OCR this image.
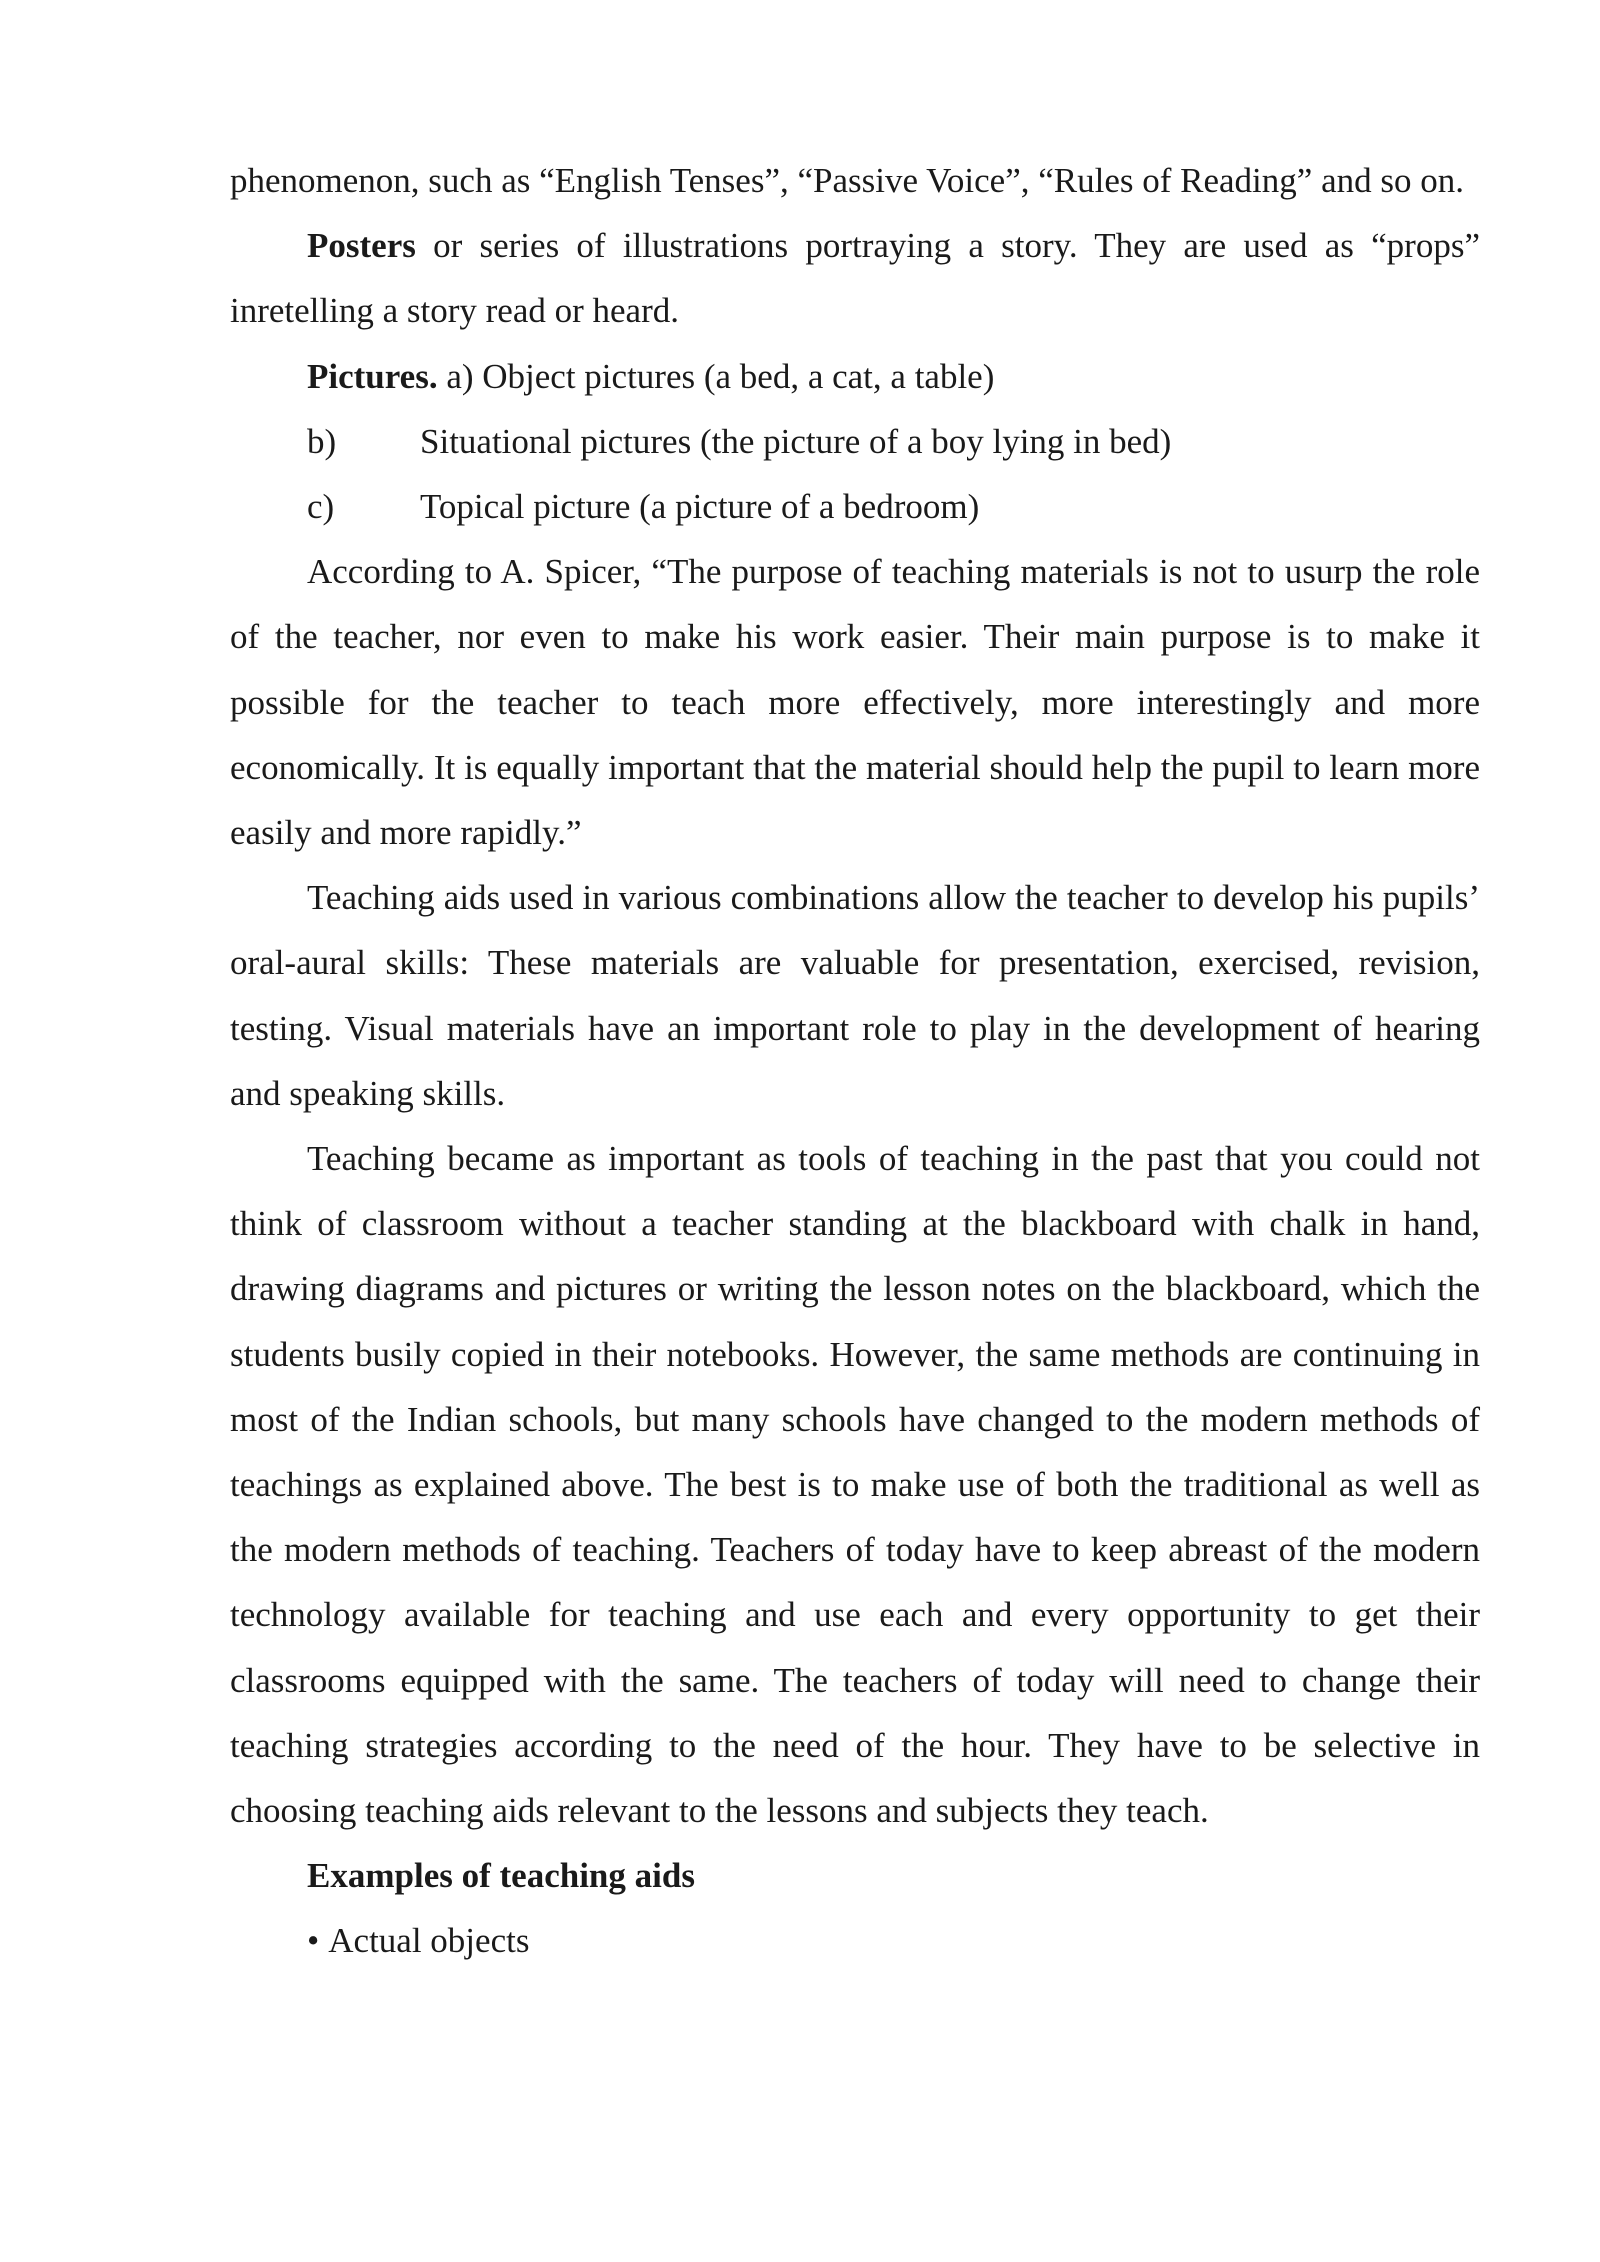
phenomenon, such as “English Tenses”, “Passive Voice”, “Rules of Reading” and so on.

Posters or series of illustrations portraying a story. They are used as “props” inretelling a story read or heard.

Pictures. a) Object pictures (a bed, a cat, a table)

b) Situational pictures (the picture of a boy lying in bed)

c) Topical picture (a picture of a bedroom)

According to A. Spicer, “The purpose of teaching materials is not to usurp the role of the teacher, nor even to make his work easier. Their main purpose is to make it possible for the teacher to teach more effectively, more interestingly and more economically. It is equally important that the material should help the pupil to learn more easily and more rapidly.”

Teaching aids used in various combinations allow the teacher to develop his pupils’ oral-aural skills: These materials are valuable for presentation, exercised, revision, testing. Visual materials have an important role to play in the development of hearing and speaking skills.

Teaching became as important as tools of teaching in the past that you could not think of classroom without a teacher standing at the blackboard with chalk in hand, drawing diagrams and pictures or writing the lesson notes on the blackboard, which the students busily copied in their notebooks. However, the same methods are continuing in most of the Indian schools, but many schools have changed to the modern methods of teachings as explained above. The best is to make use of both the traditional as well as the modern methods of teaching. Teachers of today have to keep abreast of the modern technology available for teaching and use each and every opportunity to get their classrooms equipped with the same. The teachers of today will need to change their teaching strategies according to the need of the hour. They have to be selective in choosing teaching aids relevant to the lessons and subjects they teach.

Examples of teaching aids

• Actual objects
